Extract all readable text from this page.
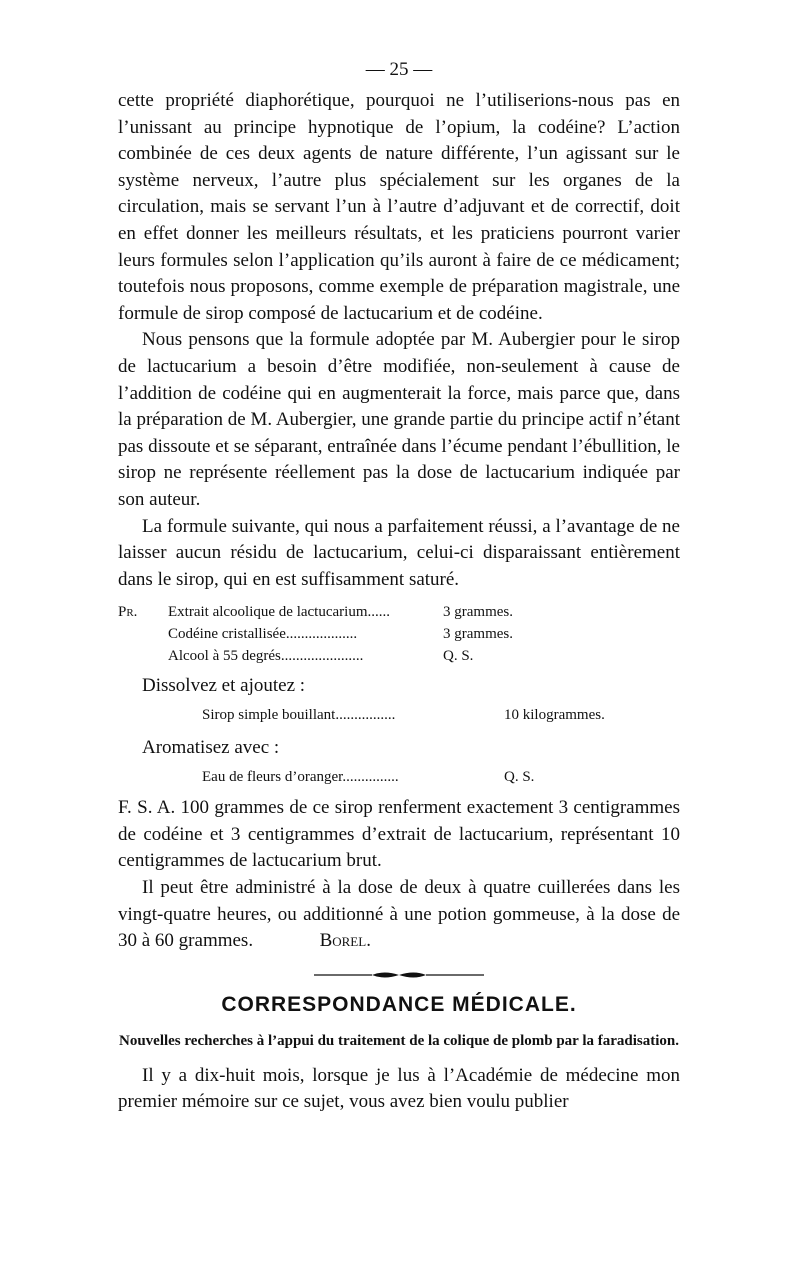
— 25 —

cette propriété diaphorétique, pourquoi ne l’utiliserions-nous pas en l’unissant au principe hypnotique de l’opium, la codéine? L’action combinée de ces deux agents de nature différente, l’un agissant sur le système nerveux, l’autre plus spécialement sur les organes de la circulation, mais se servant l’un à l’autre d’adjuvant et de correctif, doit en effet donner les meilleurs résultats, et les praticiens pourront varier leurs formules selon l’application qu’ils auront à faire de ce médicament; toutefois nous proposons, comme exemple de préparation magistrale, une formule de sirop composé de lactucarium et de codéine.

Nous pensons que la formule adoptée par M. Aubergier pour le sirop de lactucarium a besoin d’être modifiée, non-seulement à cause de l’addition de codéine qui en augmenterait la force, mais parce que, dans la préparation de M. Aubergier, une grande partie du principe actif n’étant pas dissoute et se séparant, entraînée dans l’écume pendant l’ébullition, le sirop ne représente réellement pas la dose de lactucarium indiquée par son auteur.

La formule suivante, qui nous a parfaitement réussi, a l’avantage de ne laisser aucun résidu de lactucarium, celui-ci disparaissant entièrement dans le sirop, qui en est suffisamment saturé.

Pr.	Extrait alcoolique de lactucarium......	3 grammes.
Codéine cristallisée...................	3 grammes.
Alcool à 55 degrés......................	Q. S.
Dissolvez et ajoutez :
Sirop simple bouillant................	10 kilogrammes.
Aromatisez avec :
Eau de fleurs d’oranger...............	Q. S.

F. S. A. 100 grammes de ce sirop renferment exactement 3 centigrammes de codéine et 3 centigrammes d’extrait de lactucarium, représentant 10 centigrammes de lactucarium brut.

Il peut être administré à la dose de deux à quatre cuillerées dans les vingt-quatre heures, ou additionné à une potion gommeuse, à la dose de 30 à 60 grammes.	Borel.

CORRESPONDANCE MÉDICALE.
Nouvelles recherches à l’appui du traitement de la colique de plomb par la faradisation.

Il y a dix-huit mois, lorsque je lus à l’Académie de médecine mon premier mémoire sur ce sujet, vous avez bien voulu publier
